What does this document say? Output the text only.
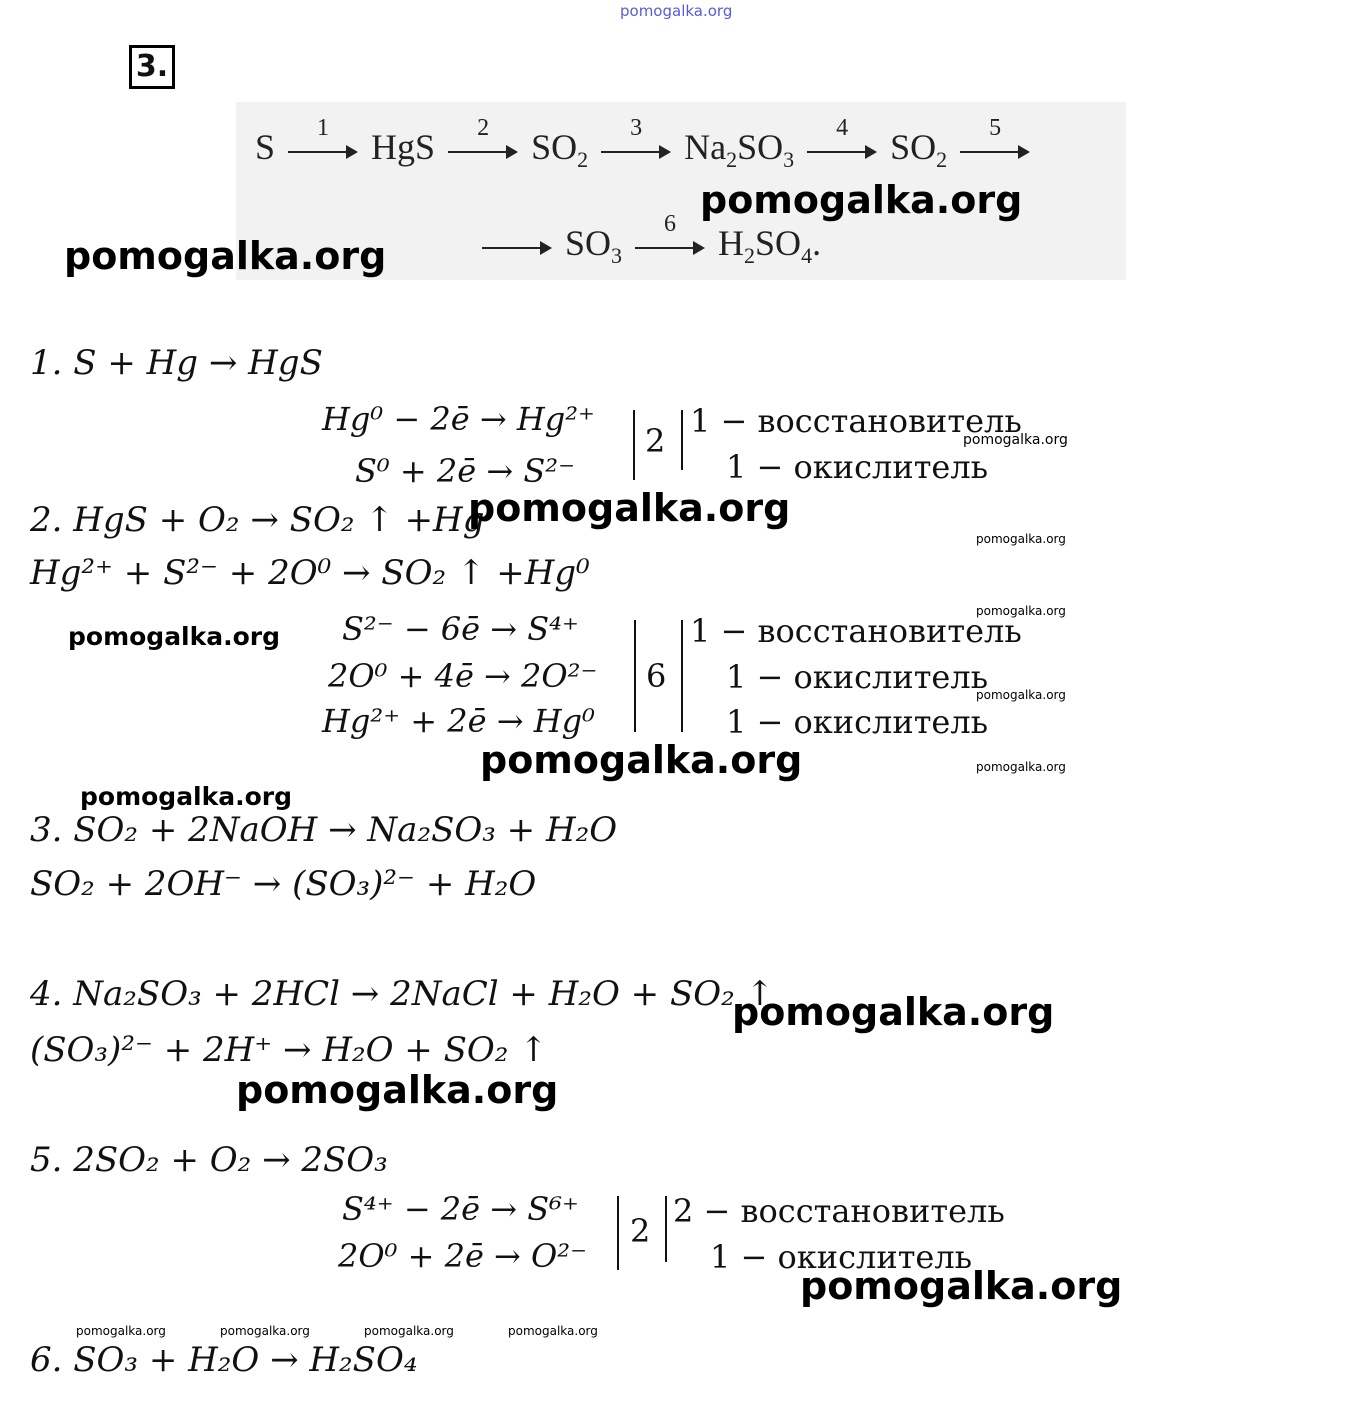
pomogalka.org
3.
S	1	HgS	2	$SO_2$
3	$Na_2SO_3$
4	$SO_2$
5
$SO_3$
6	$H_2SO_4$.
pomogalka.org
pomogalka.org
1. S + Hg → HgS
Hg⁰ − 2ē → Hg²⁺
S⁰ + 2ē → S²⁻
2
1 − восстановитель
1 − окислитель
pomogalka.org
2. HgS + O₂ → SO₂ ↑ +Hg
pomogalka.org
pomogalka.org
Hg²⁺ + S²⁻ + 2O⁰ → SO₂ ↑ +Hg⁰
pomogalka.org
pomogalka.org S²⁻ − 6ē → S⁴⁺
2O⁰ + 4ē → 2O²⁻
Hg²⁺ + 2ē → Hg⁰
6
1 − восстановитель
1 − окислитель
1 − окислитель
pomogalka.org
pomogalka.org	pomogalka.org
pomogalka.org
3. SO₂ + 2NaOH → Na₂SO₃ + H₂O
SO₂ + 2OH⁻ → (SO₃)²⁻ + H₂O
4. Na₂SO₃ + 2HCl → 2NaCl + H₂O + SO₂ ↑
pomogalka.org
(SO₃)²⁻ + 2H⁺ → H₂O + SO₂ ↑
pomogalka.org
5. 2SO₂ + O₂ → 2SO₃
S⁴⁺ − 2ē → S⁶⁺
2O⁰ + 2ē → O²⁻
2
2 − восстановитель
1 − окислитель
pomogalka.org
pomogalka.org	pomogalka.org	pomogalka.org	pomogalka.org
6. SO₃ + H₂O → H₂SO₄
